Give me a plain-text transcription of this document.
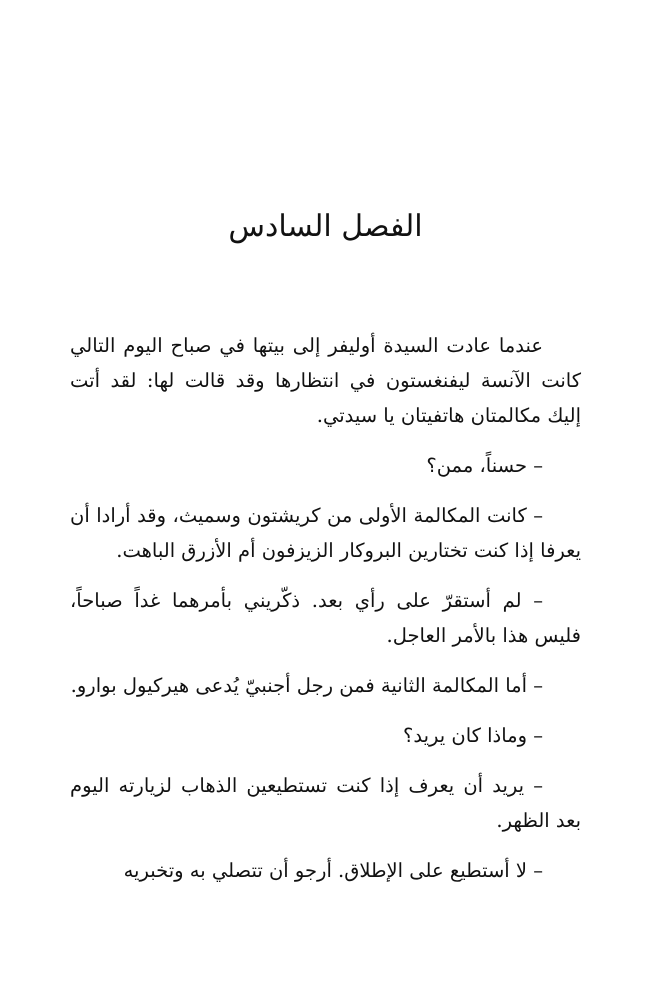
الفصل السادس

عندما عادت السيدة أوليفر إلى بيتها في صباح اليوم التالي كانت الآنسة ليفنغستون في انتظارها وقد قالت لها: لقد أتت إليك مكالمتان هاتفيتان يا سيدتي.

– حسناً، ممن؟

– كانت المكالمة الأولى من كريشتون وسميث، وقد أرادا أن يعرفا إذا كنت تختارين البروكار الزيزفون أم الأزرق الباهت.

– لم أستقرّ على رأي بعد. ذكّريني بأمرهما غداً صباحاً، فليس هذا بالأمر العاجل.

– أما المكالمة الثانية فمن رجل أجنبيّ يُدعى هيركيول بوارو.

– وماذا كان يريد؟

– يريد أن يعرف إذا كنت تستطيعين الذهاب لزيارته اليوم بعد الظهر.

– لا أستطيع على الإطلاق. أرجو أن تتصلي به وتخبريه
